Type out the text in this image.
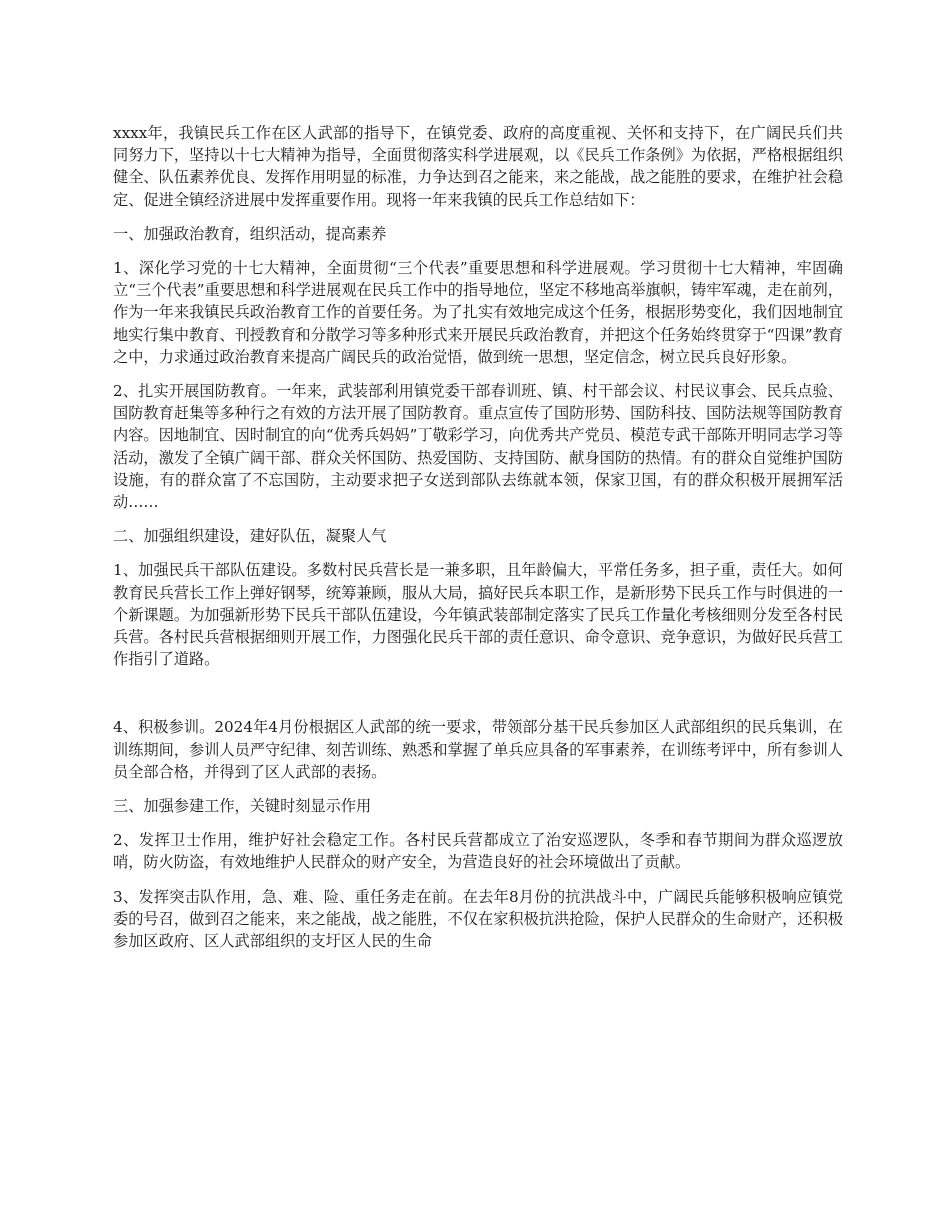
xxxx年，我镇民兵工作在区人武部的指导下，在镇党委、政府的高度重视、关怀和支持下，在广阔民兵们共同努力下，坚持以十七大精神为指导，全面贯彻落实科学进展观，以《民兵工作条例》为依据，严格根据组织健全、队伍素养优良、发挥作用明显的标准，力争达到召之能来，来之能战，战之能胜的要求，在维护社会稳定、促进全镇经济进展中发挥重要作用。现将一年来我镇的民兵工作总结如下：

一、加强政治教育，组织活动，提高素养

1、深化学习党的十七大精神，全面贯彻“三个代表”重要思想和科学进展观。学习贯彻十七大精神，牢固确立“三个代表”重要思想和科学进展观在民兵工作中的指导地位，坚定不移地高举旗帜，铸牢军魂，走在前列，作为一年来我镇民兵政治教育工作的首要任务。为了扎实有效地完成这个任务，根据形势变化，我们因地制宜地实行集中教育、刊授教育和分散学习等多种形式来开展民兵政治教育，并把这个任务始终贯穿于“四课”教育之中，力求通过政治教育来提高广阔民兵的政治觉悟，做到统一思想，坚定信念，树立民兵良好形象。

2、扎实开展国防教育。一年来，武装部利用镇党委干部春训班、镇、村干部会议、村民议事会、民兵点验、国防教育赶集等多种行之有效的方法开展了国防教育。重点宣传了国防形势、国防科技、国防法规等国防教育内容。因地制宜、因时制宜的向“优秀兵妈妈”丁敬彩学习，向优秀共产党员、模范专武干部陈开明同志学习等活动，激发了全镇广阔干部、群众关怀国防、热爱国防、支持国防、献身国防的热情。有的群众自觉维护国防设施，有的群众富了不忘国防，主动要求把子女送到部队去练就本领，保家卫国，有的群众积极开展拥军活动……

二、加强组织建设，建好队伍，凝聚人气

1、加强民兵干部队伍建设。多数村民兵营长是一兼多职，且年龄偏大，平常任务多，担子重，责任大。如何教育民兵营长工作上弹好钢琴，统筹兼顾，服从大局，搞好民兵本职工作，是新形势下民兵工作与时俱进的一个新课题。为加强新形势下民兵干部队伍建设，今年镇武装部制定落实了民兵工作量化考核细则分发至各村民兵营。各村民兵营根据细则开展工作，力图强化民兵干部的责任意识、命令意识、竞争意识，为做好民兵营工作指引了道路。

4、积极参训。2024年4月份根据区人武部的统一要求，带领部分基干民兵参加区人武部组织的民兵集训，在训练期间，参训人员严守纪律、刻苦训练、熟悉和掌握了单兵应具备的军事素养，在训练考评中，所有参训人员全部合格，并得到了区人武部的表扬。

三、加强参建工作，关键时刻显示作用

2、发挥卫士作用，维护好社会稳定工作。各村民兵营都成立了治安巡逻队，冬季和春节期间为群众巡逻放哨，防火防盗，有效地维护人民群众的财产安全，为营造良好的社会环境做出了贡献。

3、发挥突击队作用，急、难、险、重任务走在前。在去年8月份的抗洪战斗中，广阔民兵能够积极响应镇党委的号召，做到召之能来，来之能战，战之能胜，不仅在家积极抗洪抢险，保护人民群众的生命财产，还积极参加区政府、区人武部组织的支圩区人民的生命
